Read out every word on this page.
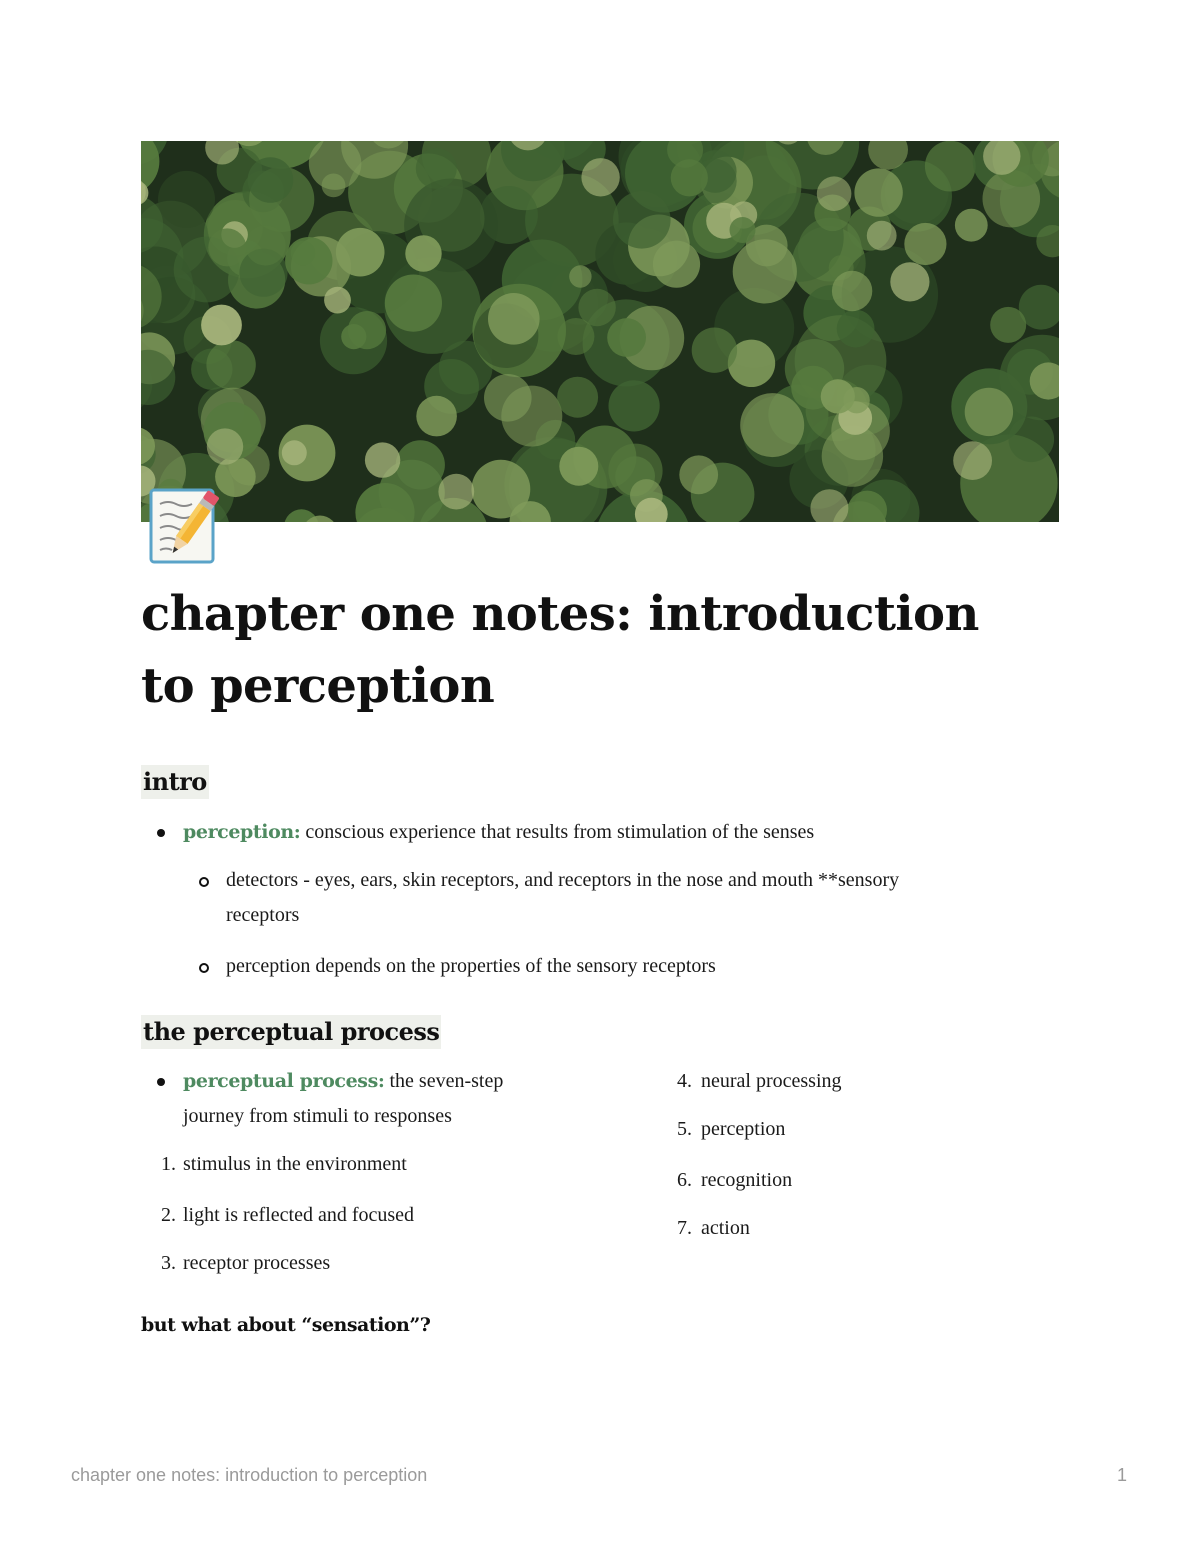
chapter one notes: introduction to perception
intro
perception: conscious experience that results from stimulation of the senses
detectors - eyes, ears, skin receptors, and receptors in the nose and mouth **sensory
receptors
perception depends on the properties of the sensory receptors
the perceptual process
perceptual process: the seven-step
journey from stimuli to responses
1. stimulus in the environment
2. light is reflected and focused
3. receptor processes
4. neural processing
5. perception
6. recognition
7. action
but what about “sensation”?
chapter one notes: introduction to perception	1
